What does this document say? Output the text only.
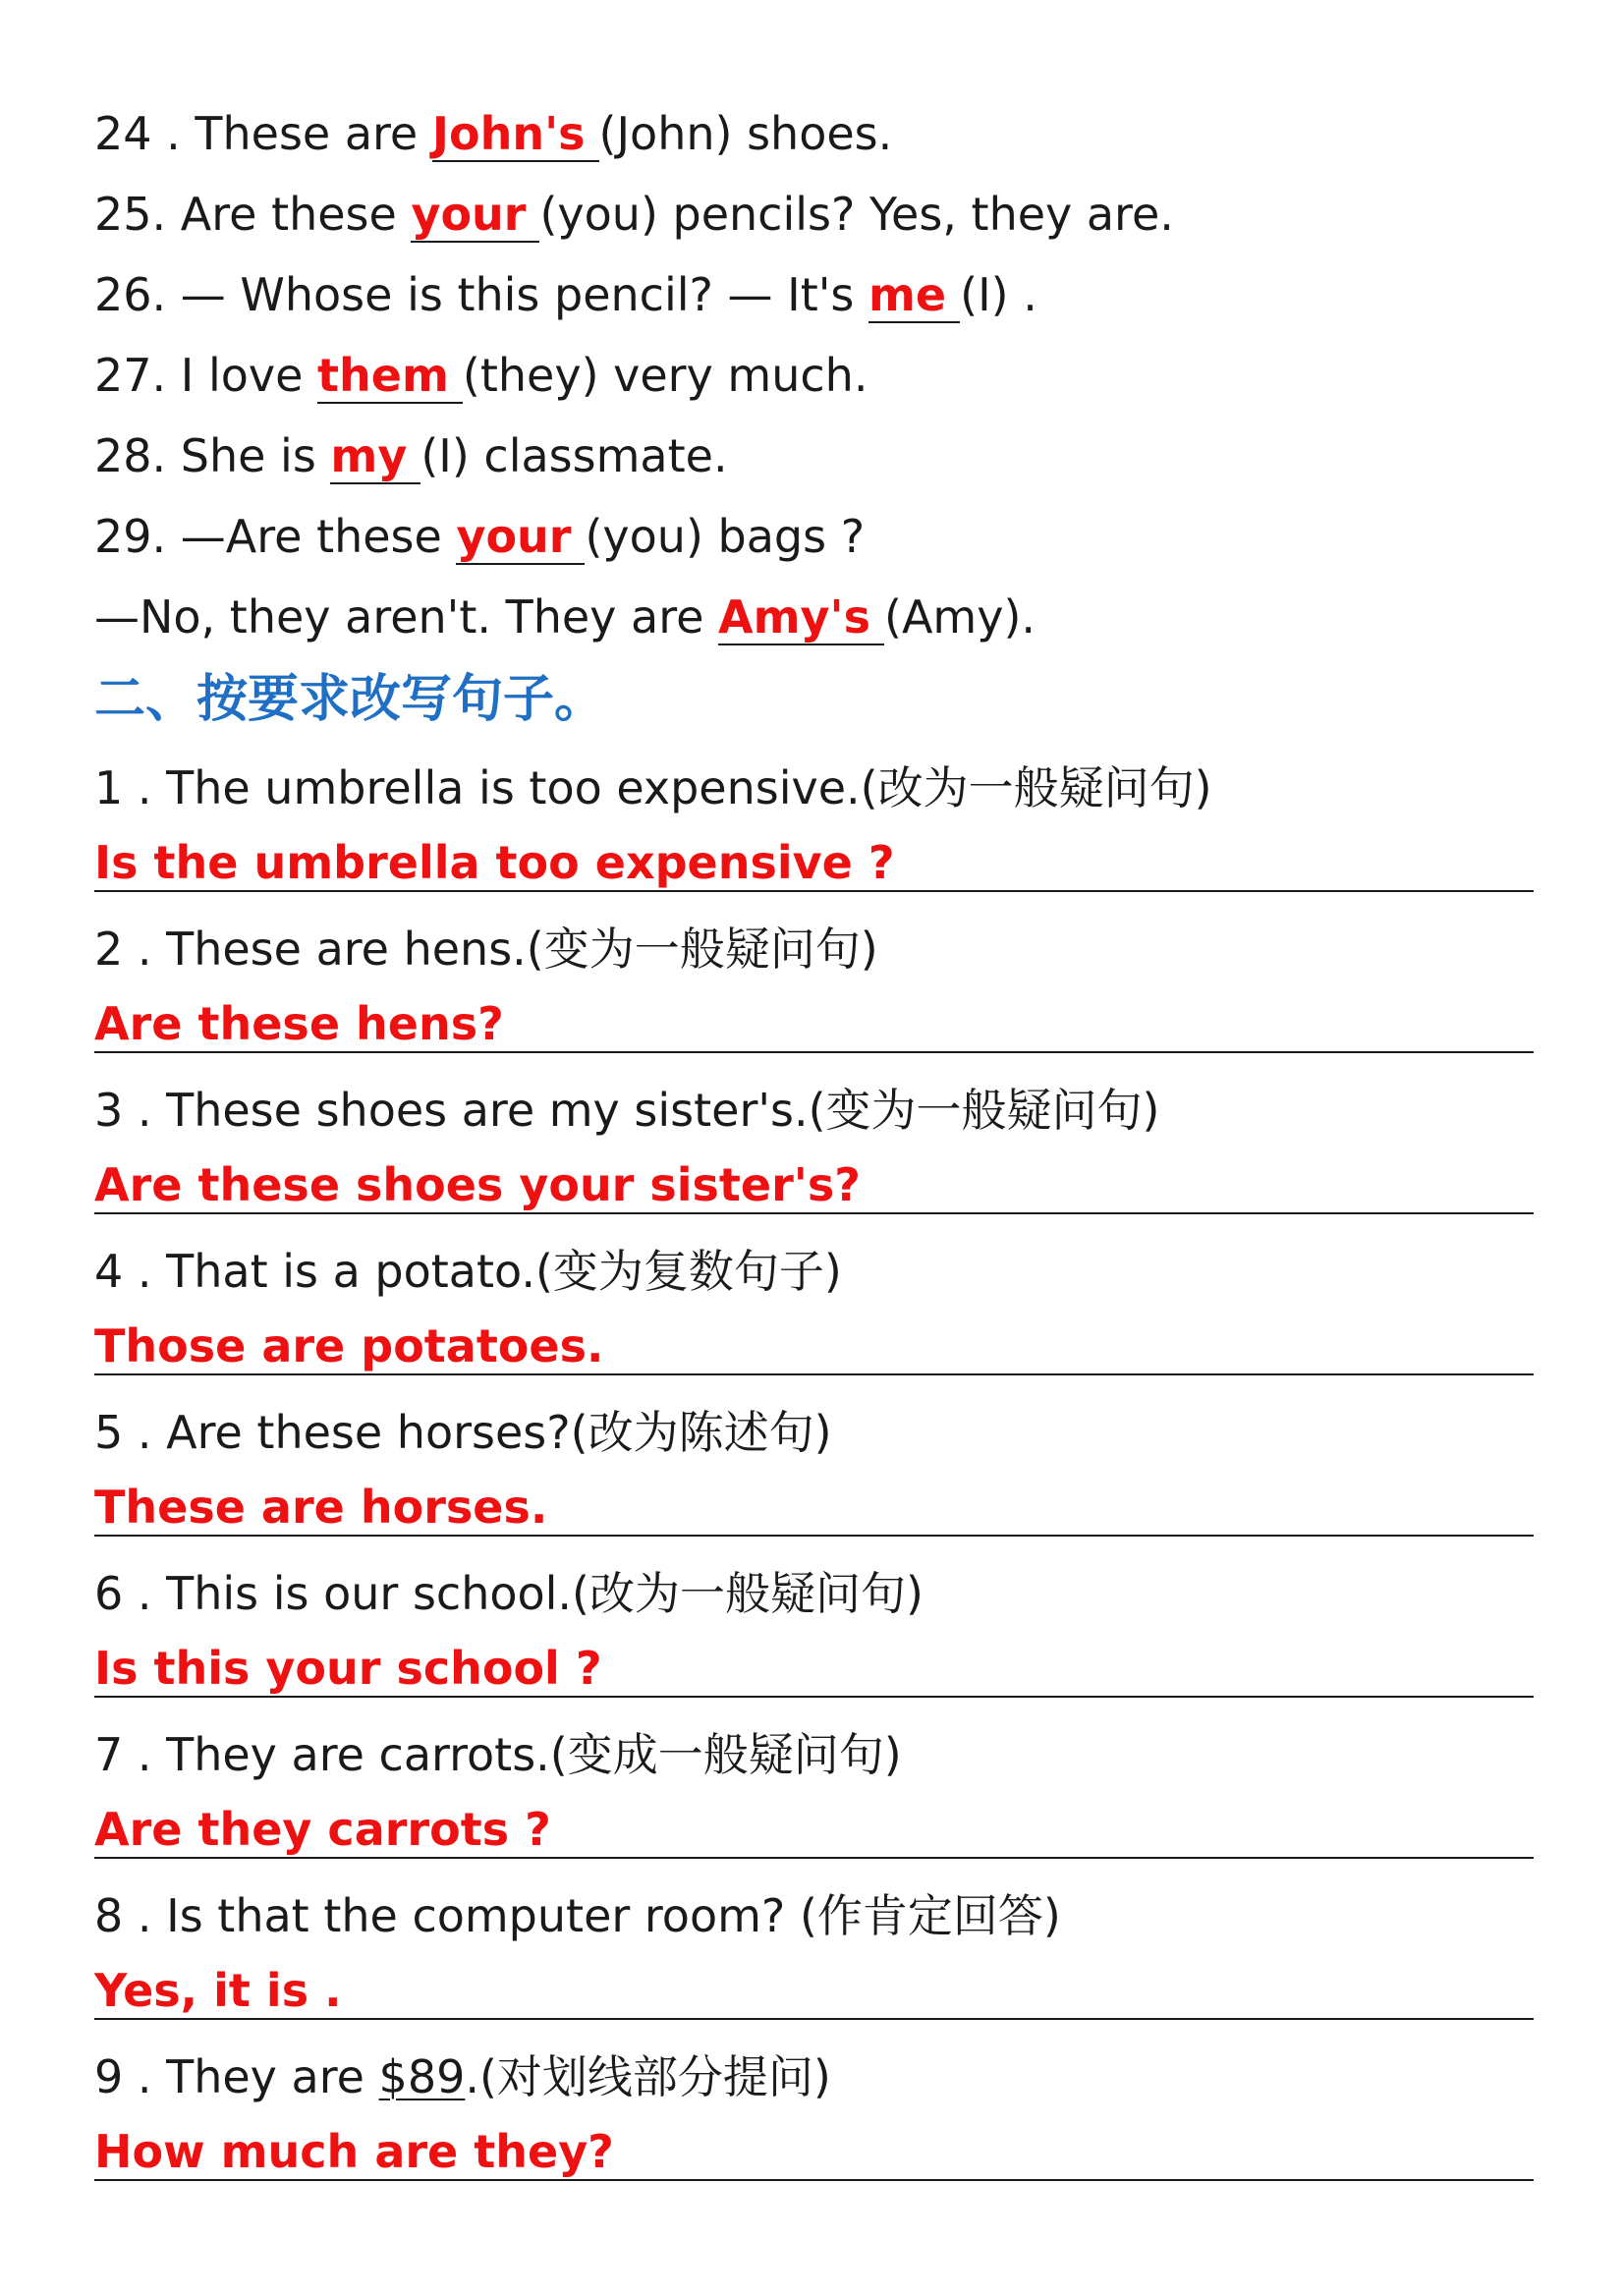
24 . These are John's (John) shoes.
25. Are these your (you) pencils? Yes, they are.
26. — Whose is this pencil? — It's me (I) .
27. I love them (they) very much.
28. She is my (I) classmate.
29. —Are these your (you) bags ?
—No, they aren't. They are Amy's (Amy).
二、按要求改写句子。
1 . The umbrella is too expensive.(改为一般疑问句)
Is the umbrella too expensive ?
2 . These are hens.(变为一般疑问句)
Are these hens?
3 . These shoes are my sister's.(变为一般疑问句)
Are these shoes your sister's?
4 . That is a potato.(变为复数句子)
Those are potatoes.
5 . Are these horses?(改为陈述句)
These are horses.
6 . This is our school.(改为一般疑问句)
Is this your school ?
7 . They are carrots.(变成一般疑问句)
Are they carrots ?
8 . Is that the computer room? (作肯定回答)
Yes, it is .
9 . They are $89.(对划线部分提问)
How much are they?
